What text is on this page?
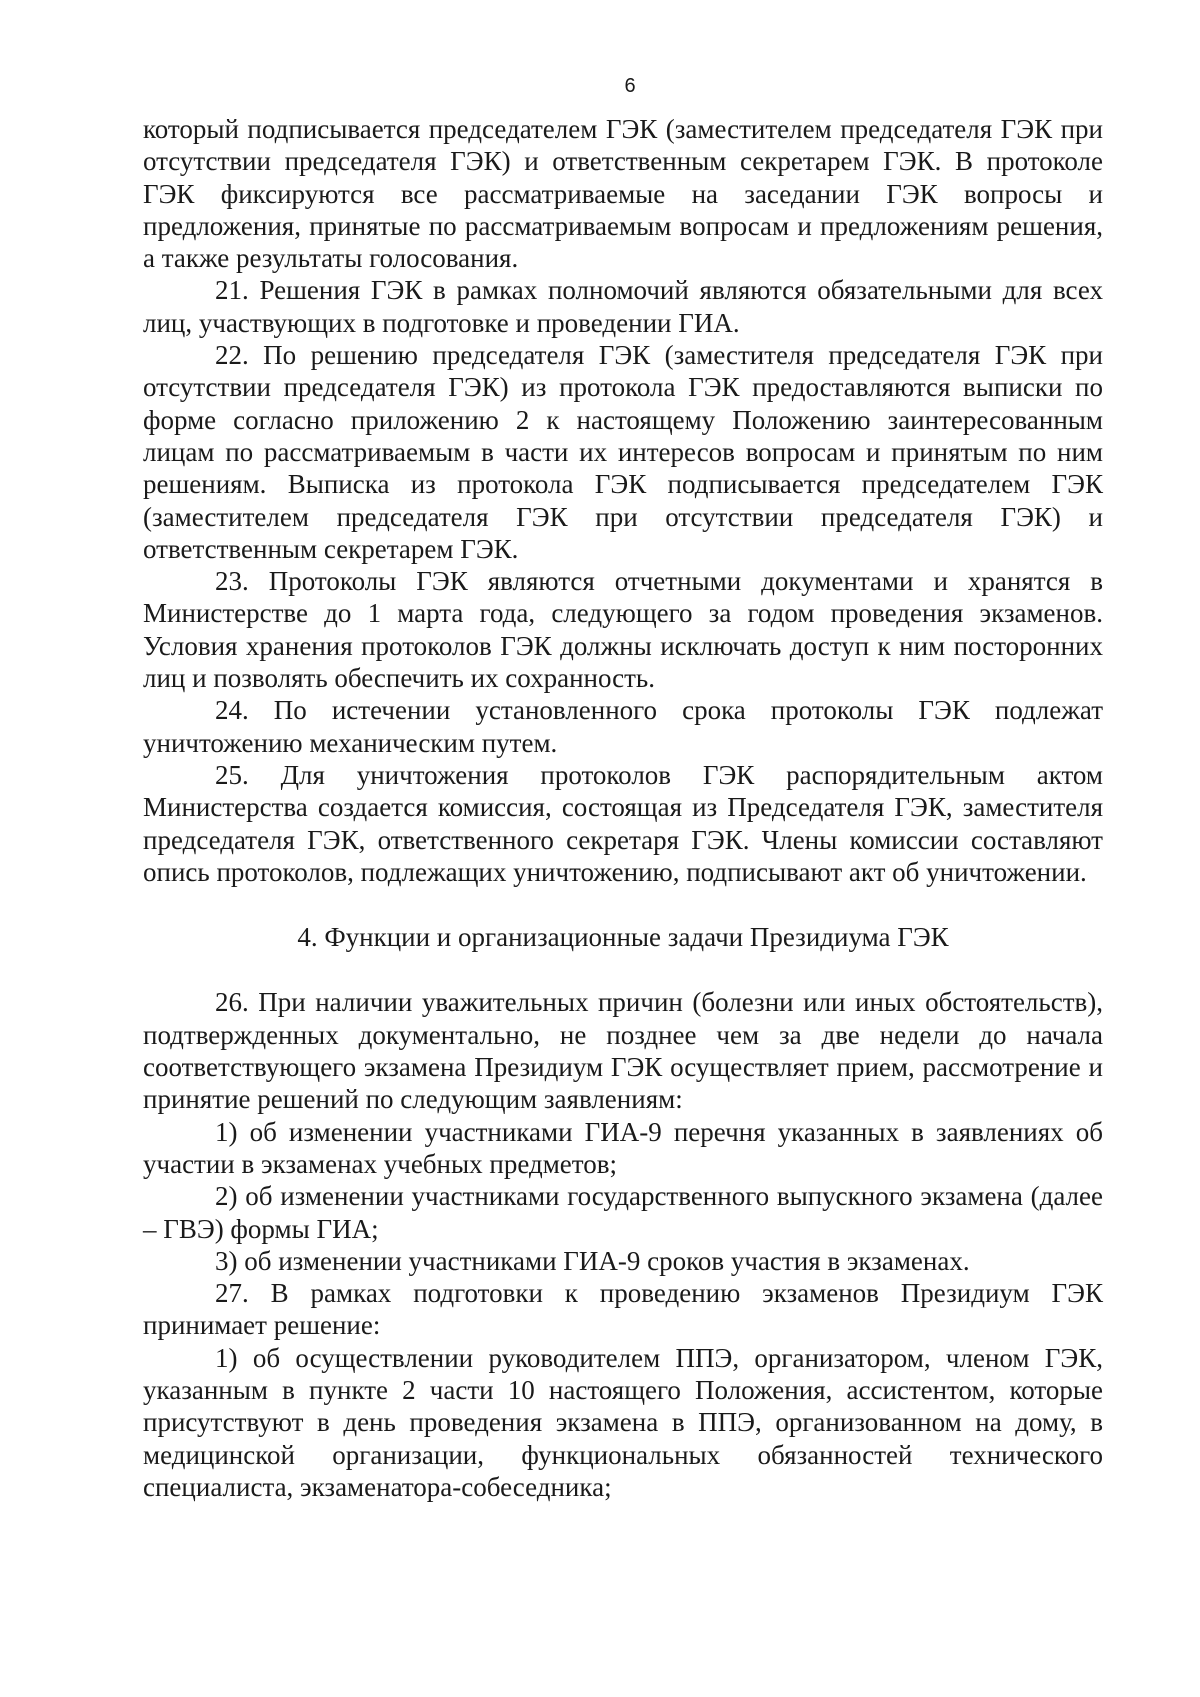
6

который подписывается председателем ГЭК (заместителем председателя ГЭК при отсутствии председателя ГЭК) и ответственным секретарем ГЭК. В протоколе ГЭК фиксируются все рассматриваемые на заседании ГЭК вопросы и предложения, принятые по рассматриваемым вопросам и предложениям решения, а также результаты голосования.

21. Решения ГЭК в рамках полномочий являются обязательными для всех лиц, участвующих в подготовке и проведении ГИА.

22. По решению председателя ГЭК (заместителя председателя ГЭК при отсутствии председателя ГЭК) из протокола ГЭК предоставляются выписки по форме согласно приложению 2 к настоящему Положению заинтересованным лицам по рассматриваемым в части их интересов вопросам и принятым по ним решениям. Выписка из протокола ГЭК подписывается председателем ГЭК (заместителем председателя ГЭК при отсутствии председателя ГЭК) и ответственным секретарем ГЭК.

23. Протоколы ГЭК являются отчетными документами и хранятся в Министерстве до 1 марта года, следующего за годом проведения экзаменов. Условия хранения протоколов ГЭК должны исключать доступ к ним посторонних лиц и позволять обеспечить их сохранность.

24. По истечении установленного срока протоколы ГЭК подлежат уничтожению механическим путем.

25. Для уничтожения протоколов ГЭК распорядительным актом Министерства создается комиссия, состоящая из Председателя ГЭК, заместителя председателя ГЭК, ответственного секретаря ГЭК. Члены комиссии составляют опись протоколов, подлежащих уничтожению, подписывают акт об уничтожении.

4. Функции и организационные задачи Президиума ГЭК

26. При наличии уважительных причин (болезни или иных обстоятельств), подтвержденных документально, не позднее чем за две недели до начала соответствующего экзамена Президиум ГЭК осуществляет прием, рассмотрение и принятие решений по следующим заявлениям:

1) об изменении участниками ГИА-9 перечня указанных в заявлениях об участии в экзаменах учебных предметов;

2) об изменении участниками государственного выпускного экзамена (далее – ГВЭ) формы ГИА;

3) об изменении участниками ГИА-9 сроков участия в экзаменах.

27. В рамках подготовки к проведению экзаменов Президиум ГЭК принимает решение:

1) об осуществлении руководителем ППЭ, организатором, членом ГЭК, указанным в пункте 2 части 10 настоящего Положения, ассистентом, которые присутствуют в день проведения экзамена в ППЭ, организованном на дому, в медицинской организации, функциональных обязанностей технического специалиста, экзаменатора-собеседника;
